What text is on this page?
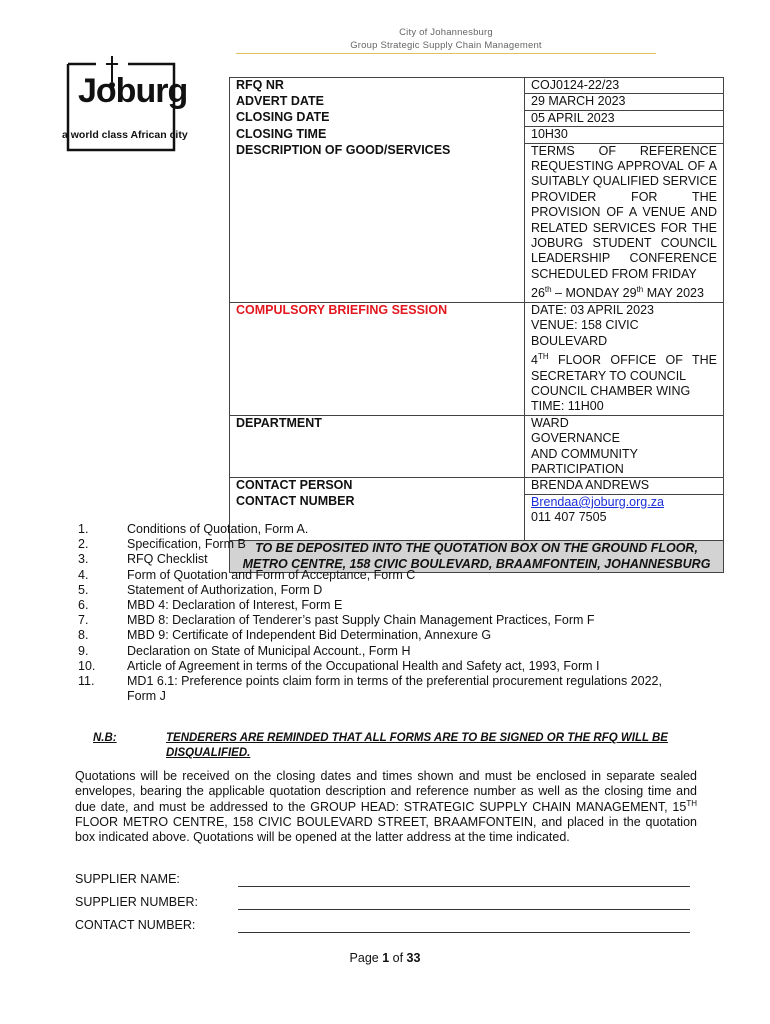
City of Johannesburg
Group Strategic Supply Chain Management
Joburg
a world class African city
RFQ NR	COJ0124-22/23
ADVERT DATE	29 MARCH 2023
CLOSING DATE	05 APRIL 2023
CLOSING TIME	10H30
DESCRIPTION OF GOOD/SERVICES	TERMS OF REFERENCE REQUESTING APPROVAL OF A SUITABLY QUALIFIED SERVICE PROVIDER FOR THE PROVISION OF A VENUE AND RELATED SERVICES FOR THE JOBURG STUDENT COUNCIL LEADERSHIP CONFERENCE SCHEDULED FROM FRIDAY
26th – MONDAY 29th MAY 2023
COMPULSORY BRIEFING SESSION	DATE: 03 APRIL 2023
VENUE: 158 CIVIC BOULEVARD
4TH FLOOR OFFICE OF THE SECRETARY TO COUNCIL
COUNCIL CHAMBER WING
TIME: 11H00

DEPARTMENT	WARD GOVERNANCE AND COMMUNITY PARTICIPATION
CONTACT PERSON	BRENDA ANDREWS
CONTACT NUMBER	Brendaa@joburg.org.za
011 407 7505
TO BE DEPOSITED INTO THE QUOTATION BOX ON THE GROUND FLOOR, METRO CENTRE, 158 CIVIC BOULEVARD, BRAAMFONTEIN, JOHANNESBURG	
1.	Conditions of Quotation, Form A.
2.	Specification, Form B
3.	RFQ Checklist
4.	Form of Quotation and Form of Acceptance, Form C
5.	Statement of Authorization, Form D
6.	MBD 4: Declaration of Interest, Form E
7.	MBD 8: Declaration of Tenderer’s past Supply Chain Management Practices, Form F
8.	MBD 9: Certificate of Independent Bid Determination, Annexure G
9.	Declaration on State of Municipal Account., Form H
10.	Article of Agreement in terms of the Occupational Health and Safety act, 1993, Form I
11.	MD1 6.1: Preference points claim form in terms of the preferential procurement regulations 2022, Form J
N.B:	TENDERERS ARE REMINDED THAT ALL FORMS ARE TO BE SIGNED OR THE RFQ WILL BE DISQUALIFIED.
Quotations will be received on the closing dates and times shown and must be enclosed in separate sealed envelopes, bearing the applicable quotation description and reference number as well as the closing time and due date, and must be addressed to the GROUP HEAD: STRATEGIC SUPPLY CHAIN MANAGEMENT, 15TH FLOOR METRO CENTRE, 158 CIVIC BOULEVARD STREET, BRAAMFONTEIN, and placed in the quotation box indicated above. Quotations will be opened at the latter address at the time indicated.
SUPPLIER NAME:
SUPPLIER NUMBER:
CONTACT NUMBER:
Page 1 of 33
